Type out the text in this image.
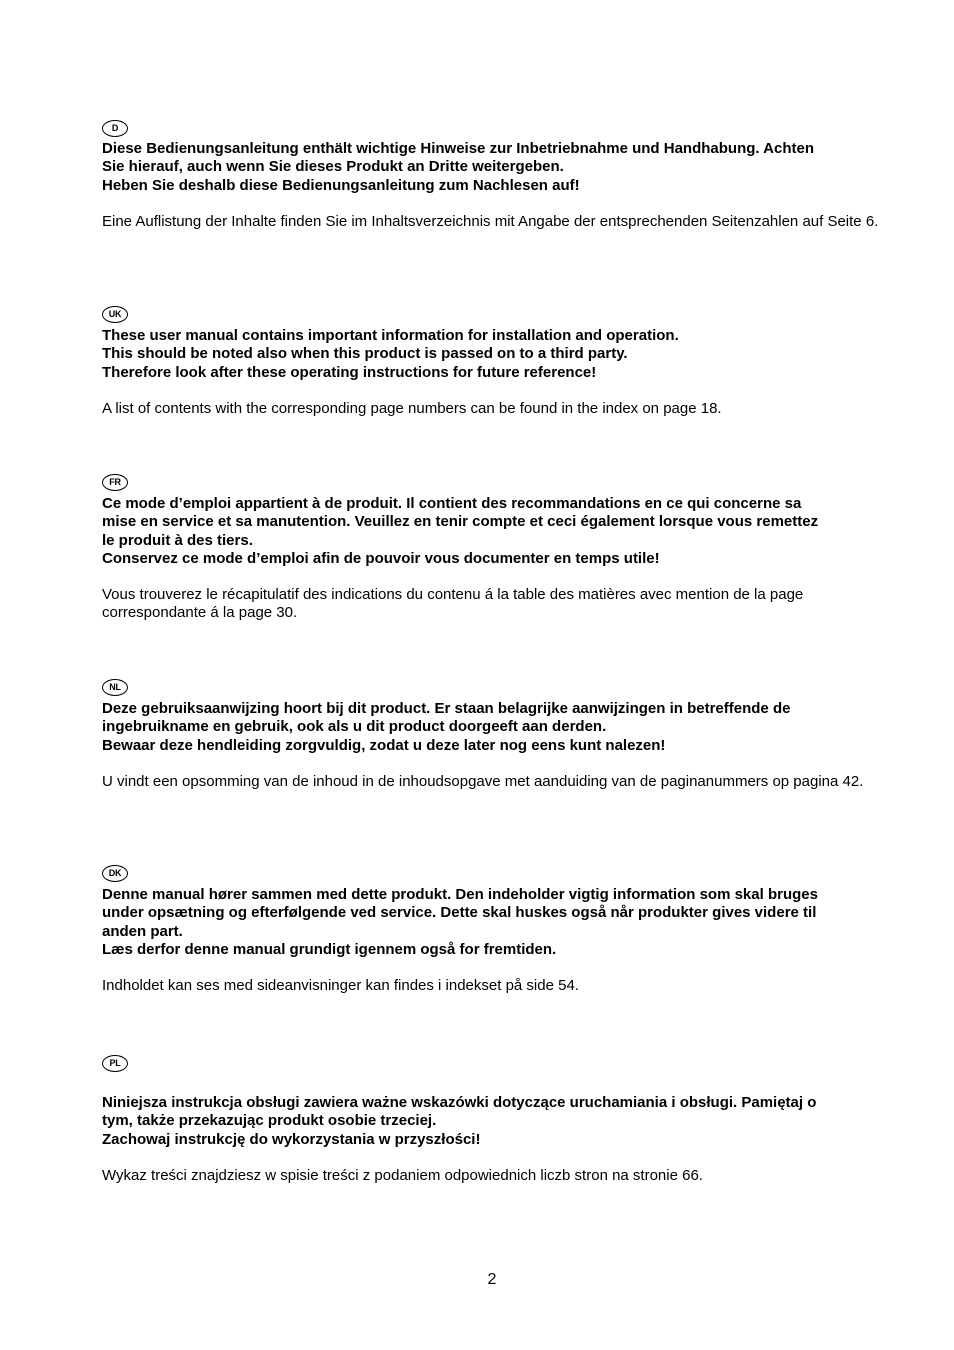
D
Diese Bedienungsanleitung enthält wichtige Hinweise zur Inbetriebnahme und Handhabung. Achten
Sie hierauf, auch wenn Sie dieses Produkt an Dritte weitergeben.
Heben Sie deshalb diese Bedienungsanleitung zum Nachlesen auf!

Eine Auflistung der Inhalte finden Sie im Inhaltsverzeichnis mit Angabe der entsprechenden Seitenzahlen auf Seite 6.

UK
These user manual contains important information for installation and operation.
This should be noted also when this product is passed on to a third party.
Therefore look after these operating instructions for future reference!

A list of contents with the corresponding page numbers can be found in the index on page 18.

FR
Ce mode d’emploi appartient à de produit. Il contient des recommandations en ce qui concerne sa
mise en service et sa manutention. Veuillez en tenir compte et ceci également lorsque vous remettez
le produit à des tiers.
Conservez ce mode d’emploi afin de pouvoir vous documenter en temps utile!

Vous trouverez le récapitulatif des indications du contenu á la table des matières avec mention de la page correspondante á la page 30.

NL
Deze gebruiksaanwijzing hoort bij dit product. Er staan belagrijke aanwijzingen in betreffende de
ingebruikname en gebruik, ook als u dit product doorgeeft aan derden.
Bewaar deze hendleiding zorgvuldig, zodat u deze later nog eens kunt nalezen!

U vindt een opsomming van de inhoud in de inhoudsopgave met aanduiding van de paginanummers op pagina 42.

DK
Denne manual hører sammen med dette produkt. Den indeholder vigtig information som skal bruges
under opsætning og efterfølgende ved service. Dette skal huskes også når produkter gives videre til
anden part.
Læs derfor denne manual grundigt igennem også for fremtiden.

Indholdet kan ses med sideanvisninger kan findes i indekset på side 54.

PL
Niniejsza instrukcja obsługi zawiera ważne wskazówki dotyczące uruchamiania i obsługi. Pamiętaj o
tym, także przekazując produkt osobie trzeciej.
Zachowaj instrukcję do wykorzystania w przyszłości!

Wykaz treści znajdziesz w spisie treści z podaniem odpowiednich liczb stron na stronie 66.

2
